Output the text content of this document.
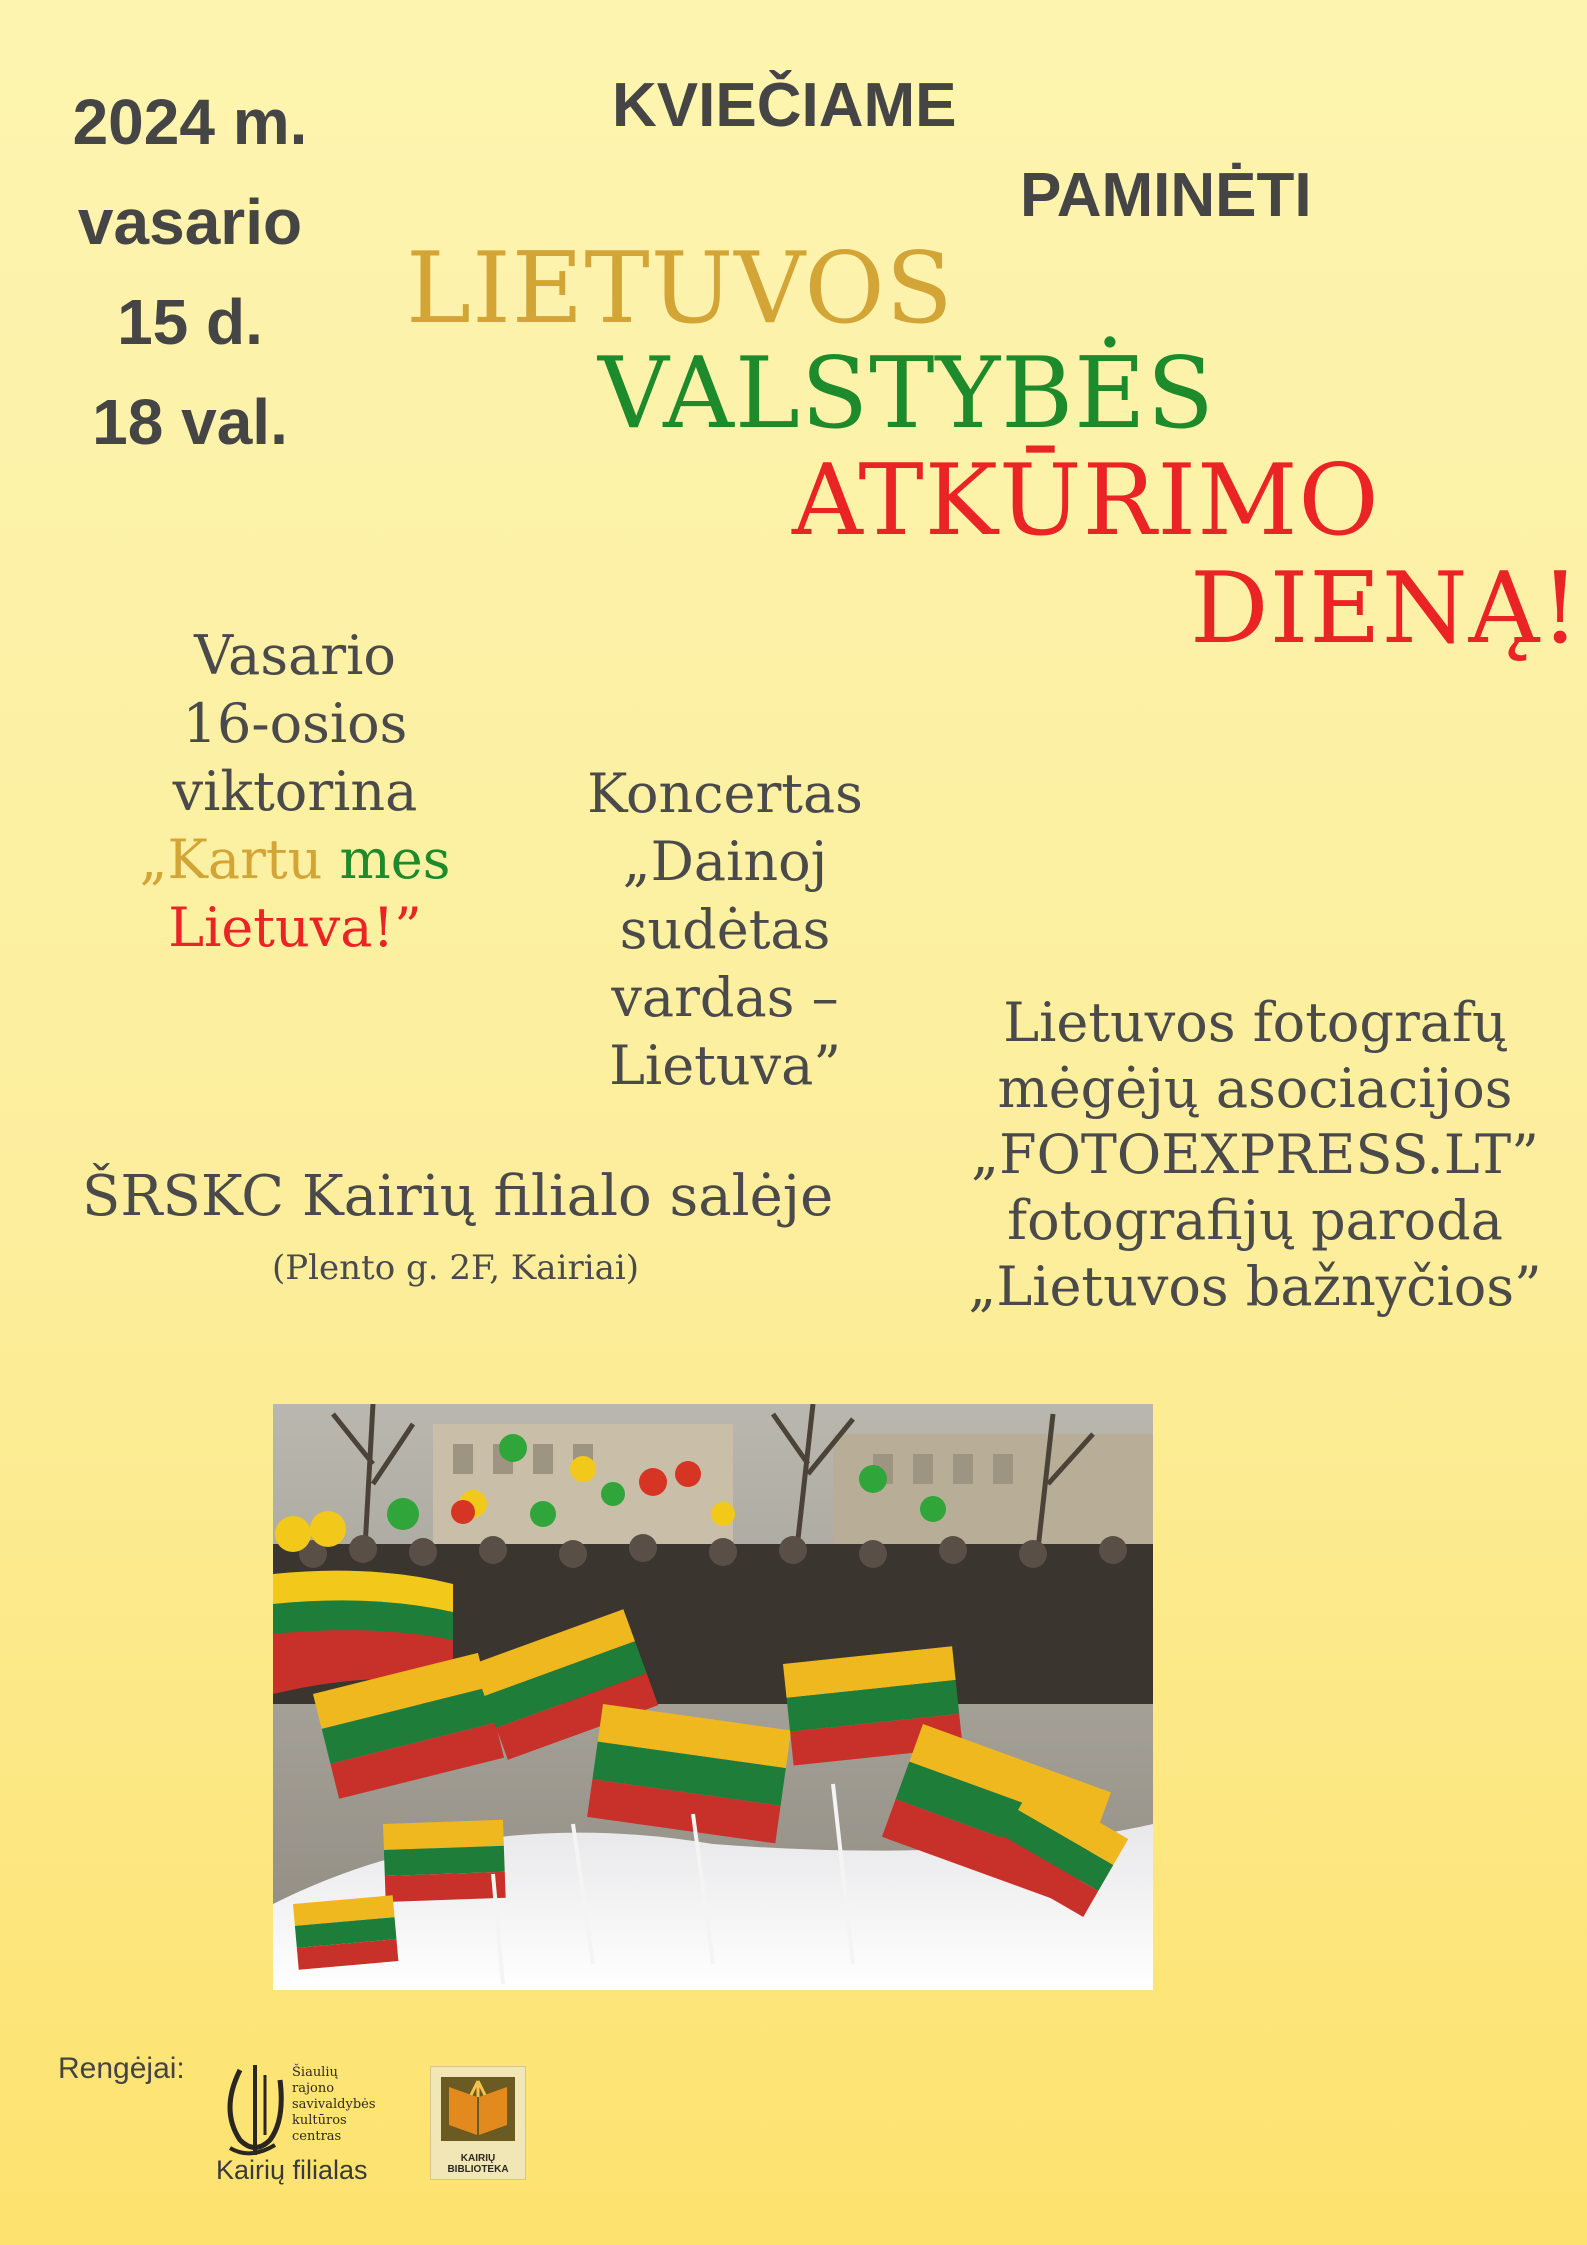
2024 m.
vasario
15 d.
18 val.
KVIEČIAME
PAMINĖTI
LIETUVOS
VALSTYBĖS
ATKŪRIMO
DIENĄ!
Vasario
16-osios
viktorina
„Kartu mes
Lietuva!”
Koncertas
„Dainoj
sudėtas
vardas –
Lietuva”
Lietuvos fotografų
mėgėjų asociacijos
„FOTOEXPRESS.LT”
fotografijų paroda
„Lietuvos bažnyčios”
ŠRSKC Kairių filialo salėje
(Plento g. 2F, Kairiai)
Rengėjai:	Šiaulių
rajono
savivaldybės
kultūros
centras
Kairių filialas	KAIRIŲ
BIBLIOTEKA
